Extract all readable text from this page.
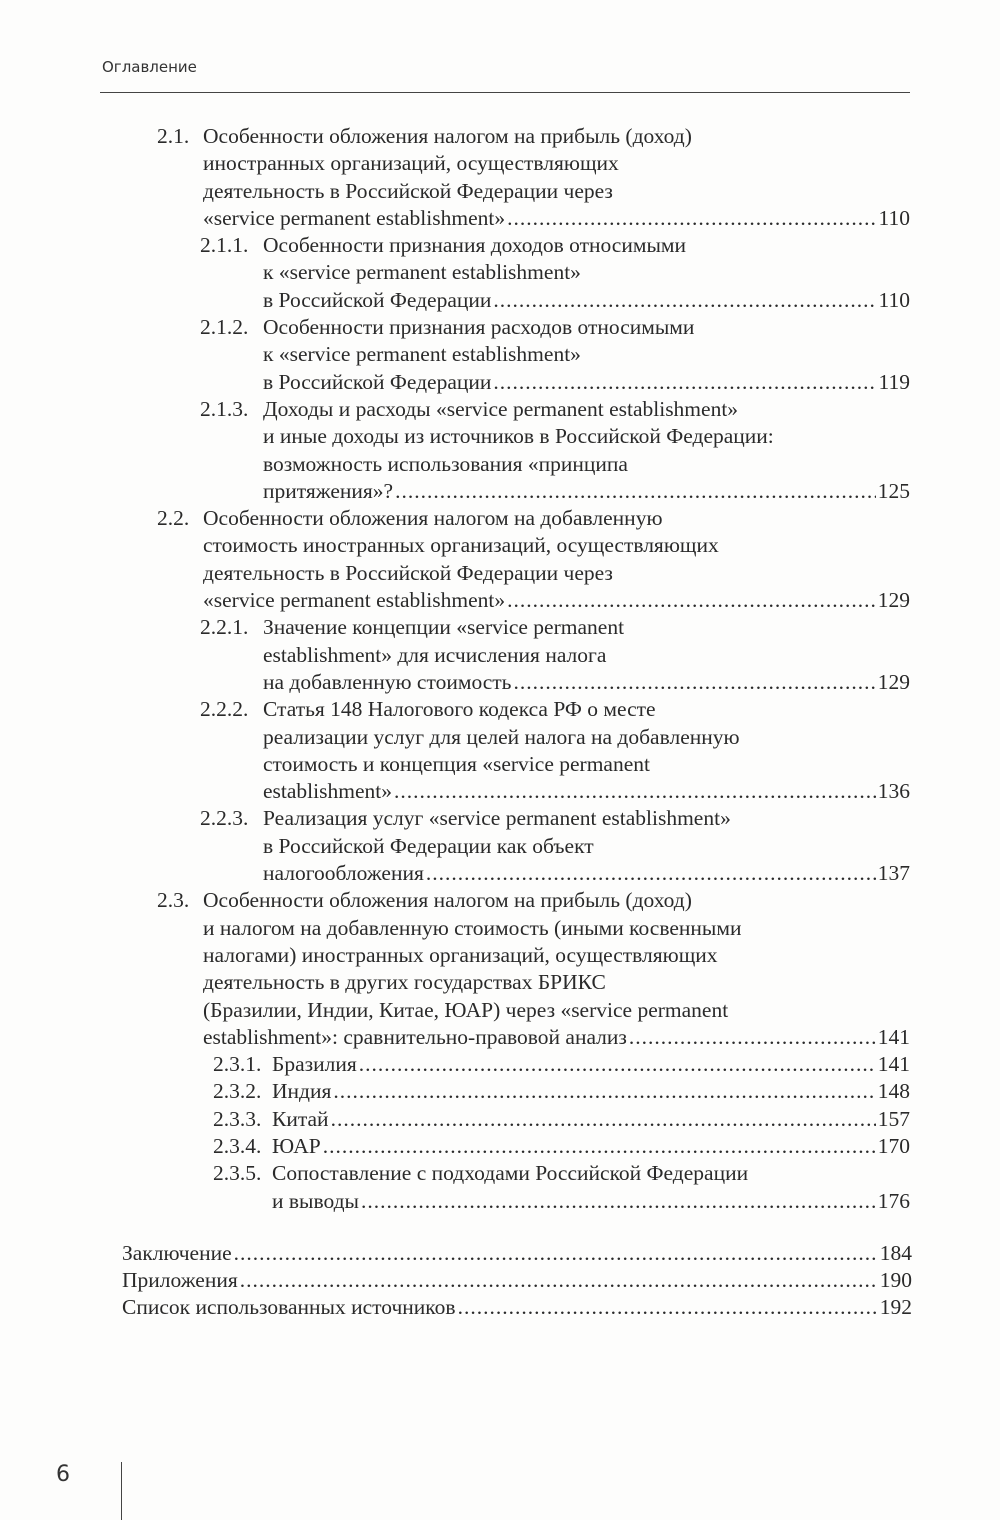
Оглавление
2.1. Особенности обложения налогом на прибыль (доход)
иностранных организаций, осуществляющих
деятельность в Российской Федерации через
«service permanent establishment» .....	110
2.1.1. Особенности признания доходов относимыми
к «service permanent establishment»
в Российской Федерации .....	110
2.1.2. Особенности признания расходов относимыми
к «service permanent establishment»
в Российской Федерации .....	119
2.1.3. Доходы и расходы «service permanent establishment»
и иные доходы из источников в Российской Федерации:
возможность использования «принципа
притяжения»? .....	125
2.2. Особенности обложения налогом на добавленную
стоимость иностранных организаций, осуществляющих
деятельность в Российской Федерации через
«service permanent establishment» .....	129
2.2.1. Значение концепции «service permanent
establishment» для исчисления налога
на добавленную стоимость .....	129
2.2.2. Статья 148 Налогового кодекса РФ о месте
реализации услуг для целей налога на добавленную
стоимость и концепция «service permanent
establishment» .....	136
2.2.3. Реализация услуг «service permanent establishment»
в Российской Федерации как объект
налогообложения .....	137
2.3. Особенности обложения налогом на прибыль (доход)
и налогом на добавленную стоимость (иными косвенными
налогами) иностранных организаций, осуществляющих
деятельность в других государствах БРИКС
(Бразилии, Индии, Китае, ЮАР) через «service permanent
establishment»: сравнительно-правовой анализ .....	141
2.3.1. Бразилия .....	141
2.3.2. Индия .....	148
2.3.3. Китай .....	157
2.3.4. ЮАР .....	170
2.3.5. Сопоставление с подходами Российской Федерации
и выводы .....	176
Заключение .....	184
Приложения .....	190
Список использованных источников .....	192
6
